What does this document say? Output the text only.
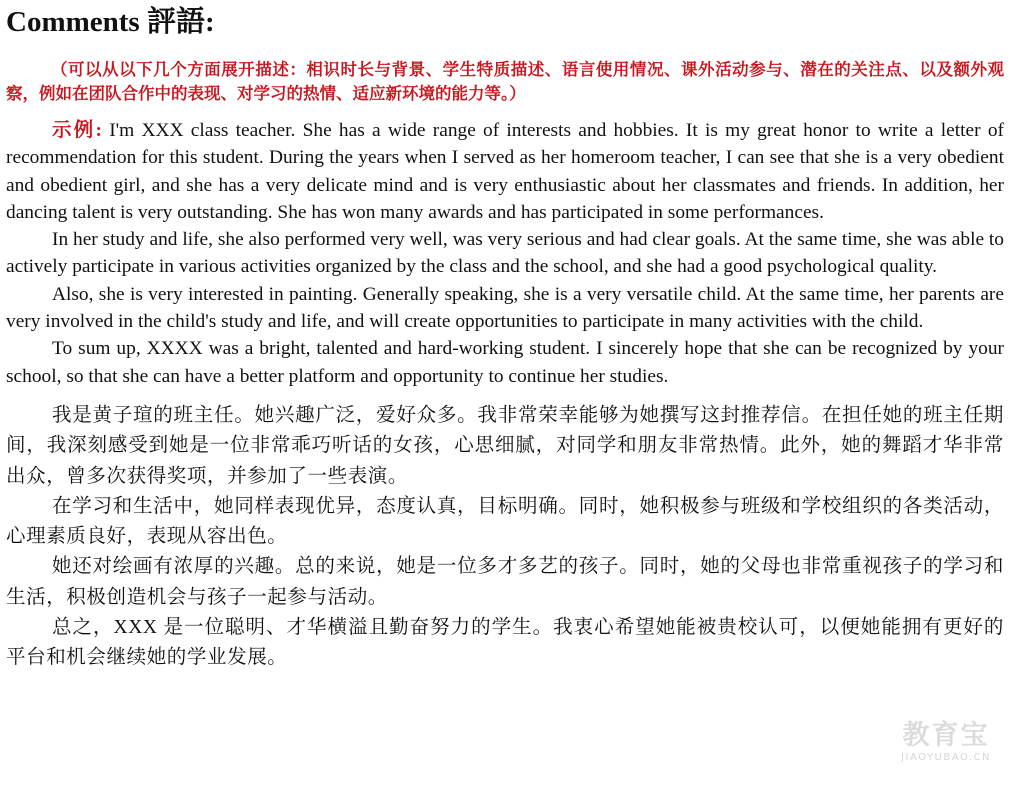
Comments 評語:

（可以从以下几个方面展开描述：相识时长与背景、学生特质描述、语言使用情况、课外活动参与、潜在的关注点、以及额外观察，例如在团队合作中的表现、对学习的热情、适应新环境的能力等。）

示例: I'm XXX class teacher. She has a wide range of interests and hobbies. It is my great honor to write a letter of recommendation for this student. During the years when I served as her homeroom teacher, I can see that she is a very obedient and obedient girl, and she has a very delicate mind and is very enthusiastic about her classmates and friends. In addition, her dancing talent is very outstanding. She has won many awards and has participated in some performances.

In her study and life, she also performed very well, was very serious and had clear goals. At the same time, she was able to actively participate in various activities organized by the class and the school, and she had a good psychological quality.

Also, she is very interested in painting. Generally speaking, she is a very versatile child. At the same time, her parents are very involved in the child's study and life, and will create opportunities to participate in many activities with the child.

To sum up, XXXX was a bright, talented and hard-working student. I sincerely hope that she can be recognized by your school, so that she can have a better platform and opportunity to continue her studies.

我是黄子瑄的班主任。她兴趣广泛，爱好众多。我非常荣幸能够为她撰写这封推荐信。在担任她的班主任期间，我深刻感受到她是一位非常乖巧听话的女孩，心思细腻，对同学和朋友非常热情。此外，她的舞蹈才华非常出众，曾多次获得奖项，并参加了一些表演。

在学习和生活中，她同样表现优异，态度认真，目标明确。同时，她积极参与班级和学校组织的各类活动，心理素质良好，表现从容出色。

她还对绘画有浓厚的兴趣。总的来说，她是一位多才多艺的孩子。同时，她的父母也非常重视孩子的学习和生活，积极创造机会与孩子一起参与活动。

总之，XXX 是一位聪明、才华横溢且勤奋努力的学生。我衷心希望她能被贵校认可，以便她能拥有更好的平台和机会继续她的学业发展。

教育宝
JIAOYUBAO.CN
